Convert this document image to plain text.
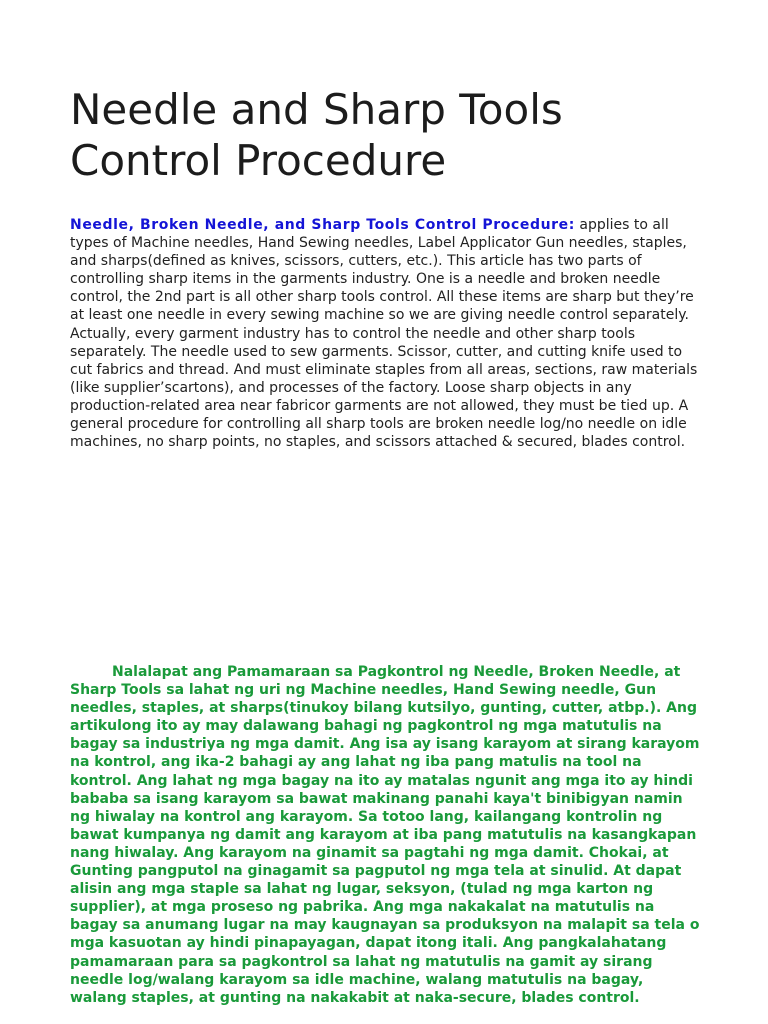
Needle and Sharp Tools Control Procedure

Needle, Broken Needle, and Sharp Tools Control Procedure: applies to all types of Machine needles, Hand Sewing needles, Label Applicator Gun needles, staples, and sharps(defined as knives, scissors, cutters, etc.). This article has two parts of controlling sharp items in the garments industry. One is a needle and broken needle control, the 2nd part is all other sharp tools control. All these items are sharp but they’re at least one needle in every sewing machine so we are giving needle control separately. Actually, every garment industry has to control the needle and other sharp tools separately. The needle used to sew garments. Scissor, cutter, and cutting knife used to cut fabrics and thread. And must eliminate staples from all areas, sections, raw materials (like supplier’scartons), and processes of the factory. Loose sharp objects in any production-related area near fabricor garments are not allowed, they must be tied up. A general procedure for controlling all sharp tools are broken needle log/no needle on idle machines, no sharp points, no staples, and scissors attached & secured, blades control.

Nalalapat ang Pamamaraan sa Pagkontrol ng Needle, Broken Needle, at Sharp Tools sa lahat ng uri ng Machine needles, Hand Sewing needle, Gun needles, staples, at sharps(tinukoy bilang kutsilyo, gunting, cutter, atbp.). Ang artikulong ito ay may dalawang bahagi ng pagkontrol ng mga matutulis na bagay sa industriya ng mga damit. Ang isa ay isang karayom at sirang karayom na kontrol, ang ika-2 bahagi ay ang lahat ng iba pang matulis na tool na kontrol. Ang lahat ng mga bagay na ito ay matalas ngunit ang mga ito ay hindi bababa sa isang karayom sa bawat makinang panahi kaya't binibigyan namin ng hiwalay na kontrol ang karayom. Sa totoo lang, kailangang kontrolin ng bawat kumpanya ng damit ang karayom at iba pang matutulis na kasangkapan nang hiwalay. Ang karayom na ginamit sa pagtahi ng mga damit. Chokai, at Gunting pangputol na ginagamit sa pagputol ng mga tela at sinulid. At dapat alisin ang mga staple sa lahat ng lugar, seksyon, (tulad ng mga karton ng supplier), at mga proseso ng pabrika. Ang mga nakakalat na matutulis na bagay sa anumang lugar na may kaugnayan sa produksyon na malapit sa tela o mga kasuotan ay hindi pinapayagan, dapat itong itali. Ang pangkalahatang pamamaraan para sa pagkontrol sa lahat ng matutulis na gamit ay sirang needle log/walang karayom sa idle machine, walang matutulis na bagay, walang staples, at gunting na nakakabit at naka-secure, blades control.
